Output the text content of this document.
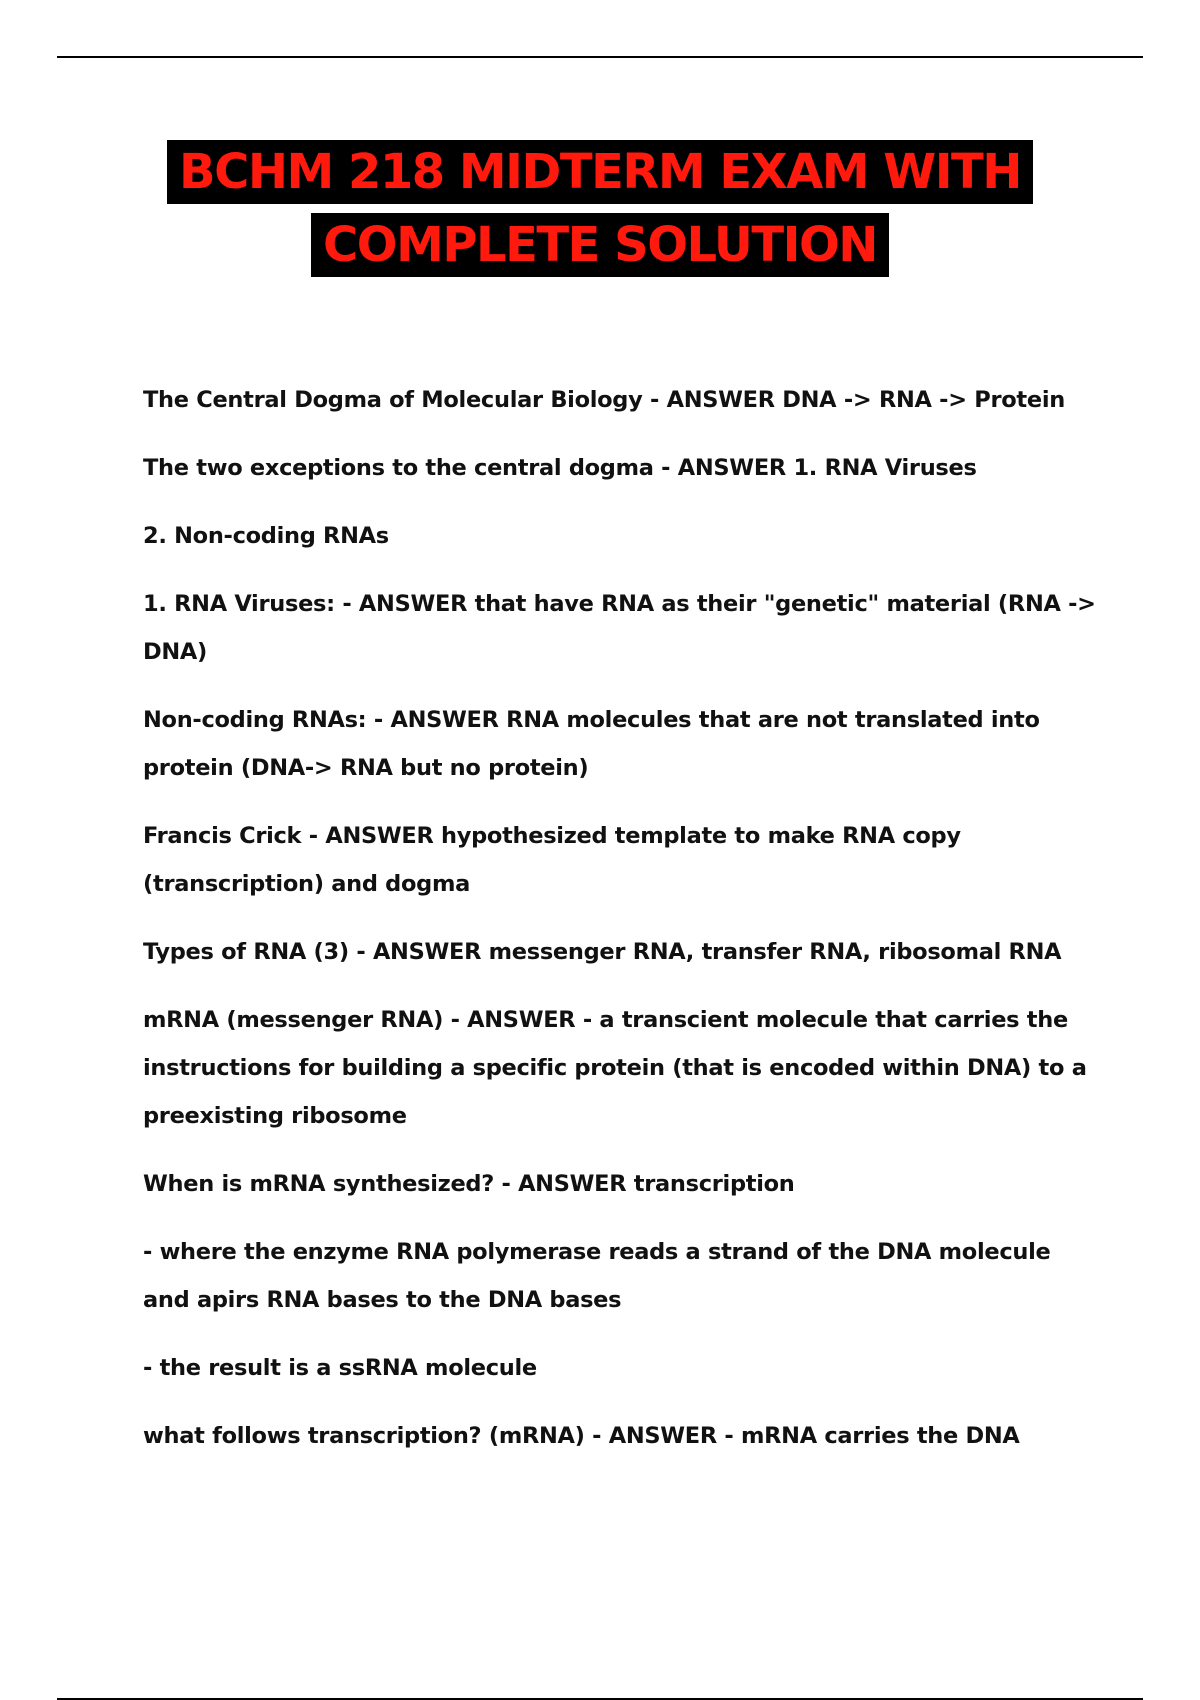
BCHM 218 MIDTERM EXAM WITH
COMPLETE SOLUTION

The Central Dogma of Molecular Biology - ANSWER DNA -> RNA -> Protein

The two exceptions to the central dogma - ANSWER 1. RNA Viruses

2. Non-coding RNAs

1. RNA Viruses: - ANSWER that have RNA as their "genetic" material (RNA -> DNA)

Non-coding RNAs: - ANSWER RNA molecules that are not translated into protein (DNA-> RNA but no protein)

Francis Crick - ANSWER hypothesized template to make RNA copy (transcription) and dogma

Types of RNA (3) - ANSWER messenger RNA, transfer RNA, ribosomal RNA

mRNA (messenger RNA) - ANSWER - a transcient molecule that carries the instructions for building a specific protein (that is encoded within DNA) to a preexisting ribosome

When is mRNA synthesized? - ANSWER transcription

- where the enzyme RNA polymerase reads a strand of the DNA molecule and apirs RNA bases to the DNA bases

- the result is a ssRNA molecule

what follows transcription? (mRNA) - ANSWER - mRNA carries the DNA
